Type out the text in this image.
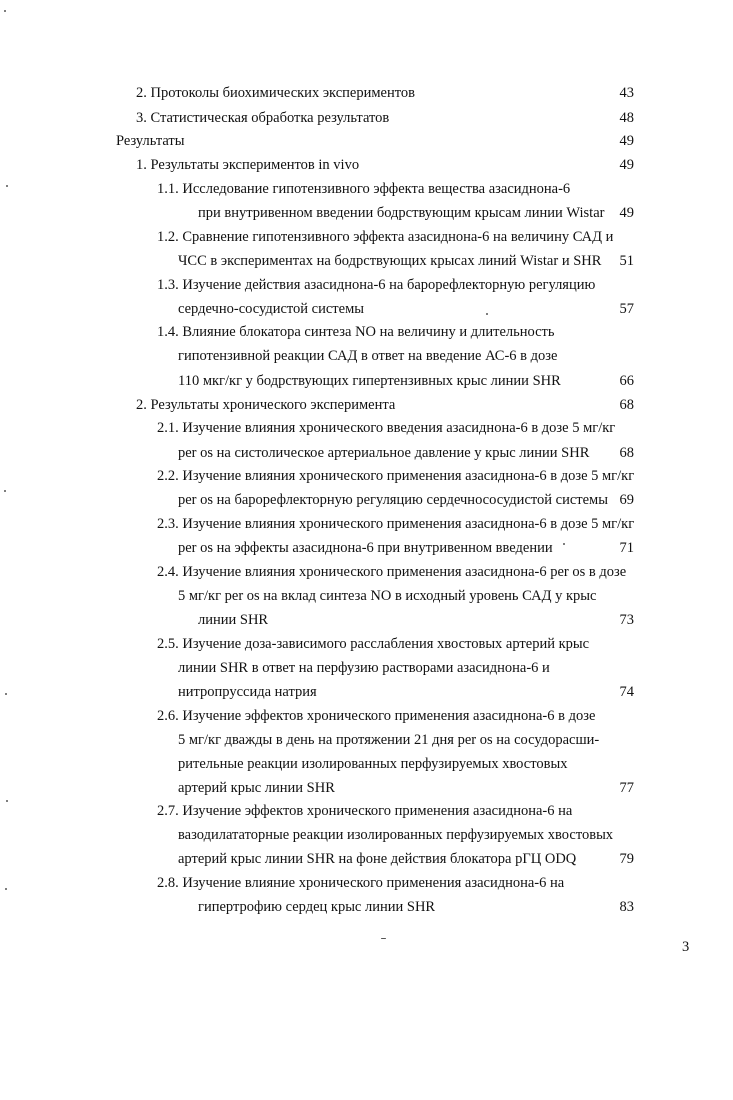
2. Протоколы биохимических экспериментов	43
3. Статистическая обработка результатов	48
Результаты	49
1. Результаты экспериментов in vivo	49
1.1. Исследование гипотензивного эффекта вещества азасиднона-6
при внутривенном введении бодрствующим крысам линии Wistar	49
1.2. Сравнение гипотензивного эффекта азасиднона-6 на величину САД и
ЧСС в экспериментах на бодрствующих крысах линий Wistar и SHR	51
1.3. Изучение действия азасиднона-6 на барорефлекторную регуляцию
сердечно-сосудистой системы	57
1.4. Влияние блокатора синтеза NO на величину и длительность
гипотензивной реакции САД в ответ на введение АС-6 в дозе
110 мкг/кг у бодрствующих гипертензивных крыс линии SHR	66
2. Результаты хронического эксперимента	68
2.1. Изучение влияния хронического введения азасиднона-6 в дозе 5 мг/кг
per os на систолическое артериальное давление у крыс линии SHR	68
2.2. Изучение влияния хронического применения азасиднона-6 в дозе 5 мг/кг
per os на барорефлекторную регуляцию сердечнососудистой системы 69
2.3. Изучение влияния хронического применения азасиднона-6 в дозе 5 мг/кг
per os на эффекты азасиднона-6 при внутривенном введении	71
2.4. Изучение влияния хронического применения азасиднона-6 per os в дозе
5 мг/кг per os на вклад синтеза NO в исходный уровень САД у крыс
линии SHR	73
2.5. Изучение доза-зависимого расслабления хвостовых артерий крыс
линии SHR в ответ на перфузию растворами азасиднона-6 и
нитропруссида натрия	74
2.6. Изучение эффектов хронического применения азасиднона-6 в дозе
5 мг/кг дважды в день на протяжении 21 дня per os на сосудорасши-
рительные реакции изолированных перфузируемых хвостовых
артерий крыс линии SHR	77
2.7. Изучение эффектов хронического применения азасиднона-6 на
вазодилататорные реакции изолированных перфузируемых хвостовых
артерий крыс линии SHR на фоне действия блокатора рГЦ ODQ	79
2.8. Изучение влияние хронического применения азасиднона-6 на
гипертрофию сердец крыс линии SHR	83
3
